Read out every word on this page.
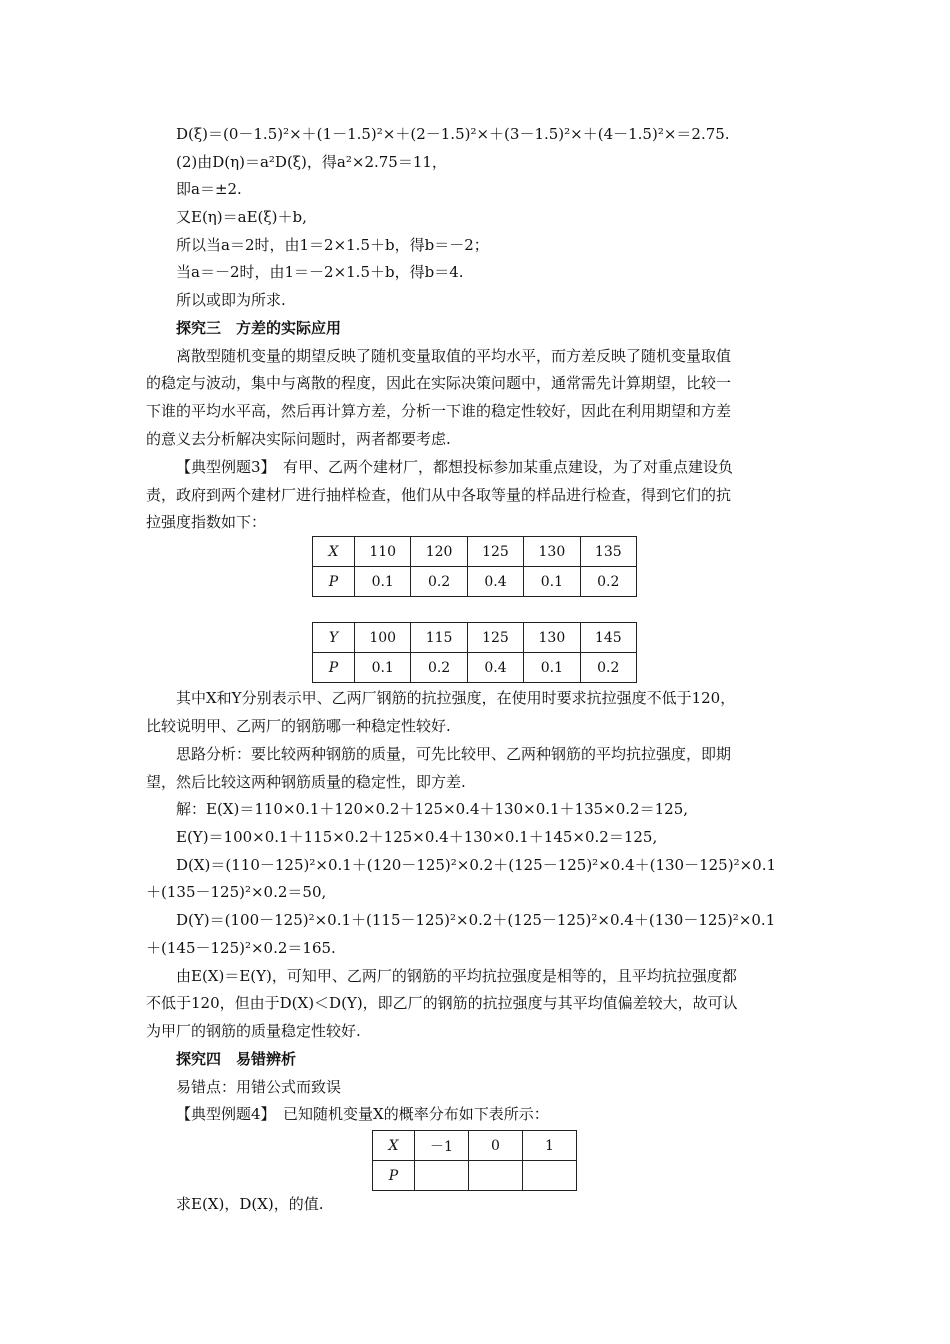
D(ξ)＝(0－1.5)²×＋(1－1.5)²×＋(2－1.5)²×＋(3－1.5)²×＋(4－1.5)²×＝2.75.
(2)由D(η)＝a²D(ξ)，得a²×2.75＝11，
即a＝±2.
又E(η)＝aE(ξ)＋b,
所以当a＝2时，由1＝2×1.5＋b，得b＝－2；
当a＝－2时，由1＝－2×1.5＋b，得b＝4.
所以或即为所求.
探究三　方差的实际应用
离散型随机变量的期望反映了随机变量取值的平均水平，而方差反映了随机变量取值
的稳定与波动，集中与离散的程度，因此在实际决策问题中，通常需先计算期望，比较一
下谁的平均水平高，然后再计算方差，分析一下谁的稳定性较好，因此在利用期望和方差
的意义去分析解决实际问题时，两者都要考虑.
【典型例题3】　有甲、乙两个建材厂，都想投标参加某重点建设，为了对重点建设负
责，政府到两个建材厂进行抽样检查，他们从中各取等量的样品进行检查，得到它们的抗
拉强度指数如下：
X	110	120	125	130	135
P	0.1	0.2	0.4	0.1	0.2
Y	100	115	125	130	145
P	0.1	0.2	0.4	0.1	0.2
其中X和Y分别表示甲、乙两厂钢筋的抗拉强度，在使用时要求抗拉强度不低于120，
比较说明甲、乙两厂的钢筋哪一种稳定性较好.
思路分析：要比较两种钢筋的质量，可先比较甲、乙两种钢筋的平均抗拉强度，即期
望，然后比较这两种钢筋质量的稳定性，即方差.
解：E(X)＝110×0.1＋120×0.2＋125×0.4＋130×0.1＋135×0.2＝125,
E(Y)＝100×0.1＋115×0.2＋125×0.4＋130×0.1＋145×0.2＝125,
D(X)＝(110－125)²×0.1＋(120－125)²×0.2＋(125－125)²×0.4＋(130－125)²×0.1
＋(135－125)²×0.2＝50,
D(Y)＝(100－125)²×0.1＋(115－125)²×0.2＋(125－125)²×0.4＋(130－125)²×0.1
＋(145－125)²×0.2＝165.
由E(X)＝E(Y)，可知甲、乙两厂的钢筋的平均抗拉强度是相等的，且平均抗拉强度都
不低于120，但由于D(X)＜D(Y)，即乙厂的钢筋的抗拉强度与其平均值偏差较大，故可认
为甲厂的钢筋的质量稳定性较好.
探究四　易错辨析
易错点：用错公式而致误
【典型例题4】　已知随机变量X的概率分布如下表所示：
X	－1	0	1
P			
求E(X)，D(X)，的值.
